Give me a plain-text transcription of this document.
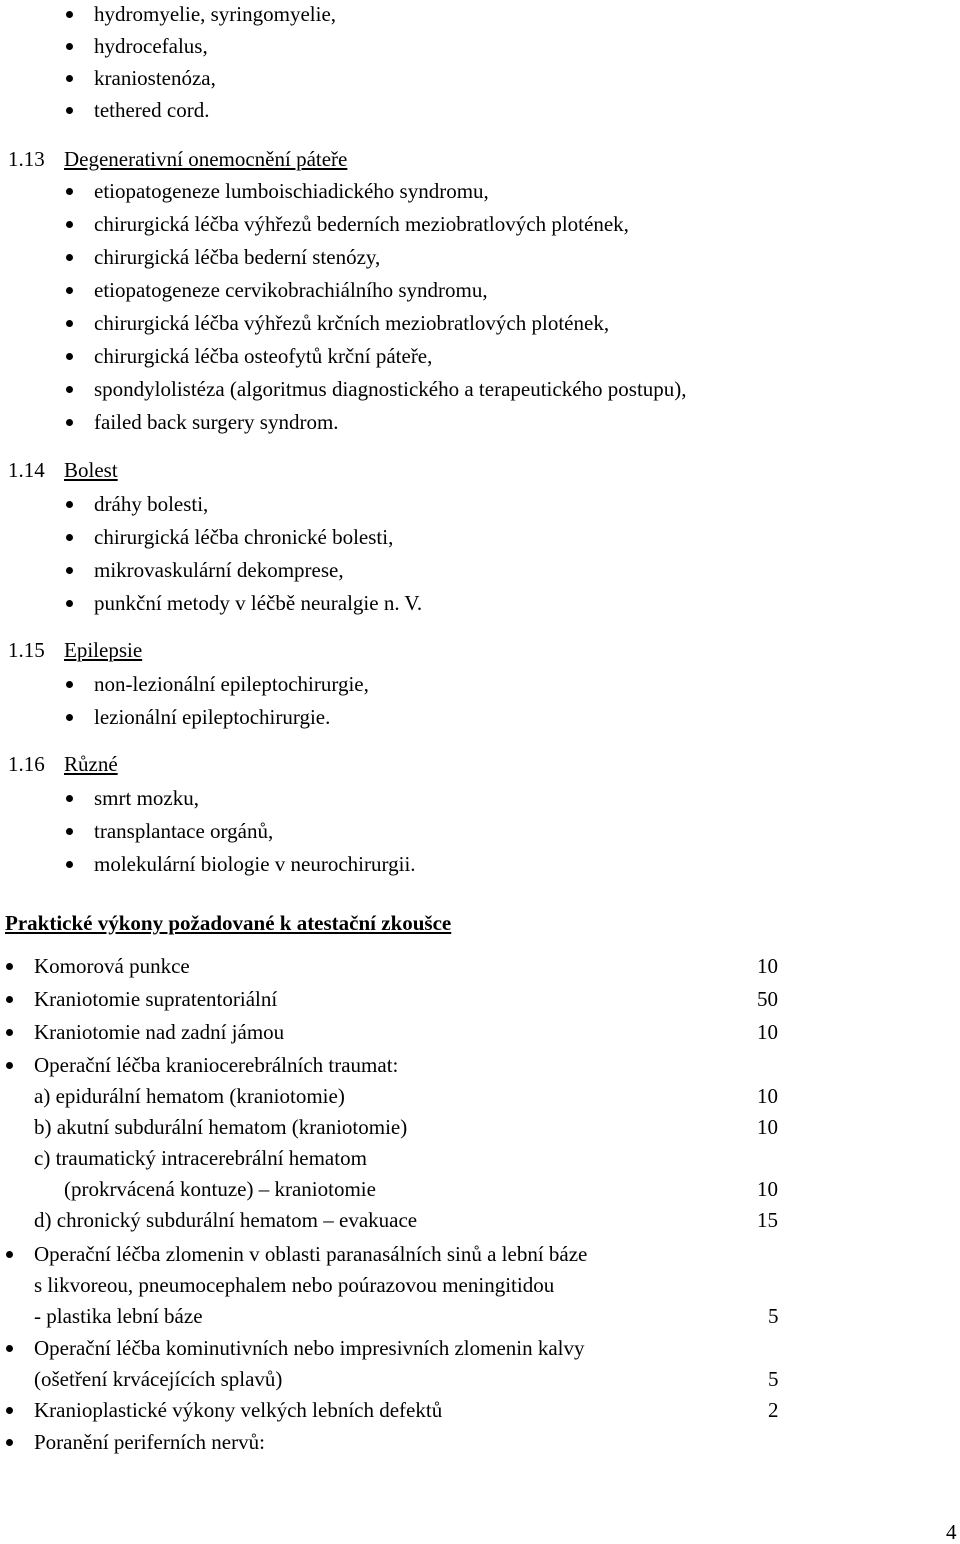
hydromyelie, syringomyelie,
hydrocefalus,
kraniostenóza,
tethered cord.
1.13 Degenerativní onemocnění páteře
etiopatogeneze lumboischiadického syndromu,
chirurgická léčba výhřezů bederních meziobratlových plotének,
chirurgická léčba bederní stenózy,
etiopatogeneze cervikobrachiálního syndromu,
chirurgická léčba výhřezů krčních meziobratlových plotének,
chirurgická léčba osteofytů krční páteře,
spondylolistéza (algoritmus diagnostického a terapeutického postupu),
failed back surgery syndrom.
1.14 Bolest
dráhy bolesti,
chirurgická léčba chronické bolesti,
mikrovaskulární dekomprese,
punkční metody v léčbě neuralgie n. V.
1.15 Epilepsie
non-lezionální epileptochirurgie,
lezionální epileptochirurgie.
1.16 Různé
smrt mozku,
transplantace orgánů,
molekulární biologie v neurochirurgii.
Praktické výkony požadované k atestační zkoušce
Komorová punkce	10
Kraniotomie supratentoriální	50
Kraniotomie nad zadní jámou	10
Operační léčba kraniocerebrálních traumat:
a) epidurální hematom (kraniotomie)	10
b) akutní subdurální hematom (kraniotomie)	10
c) traumatický intracerebrální hematom
(prokrvácená kontuze) – kraniotomie	10
d) chronický subdurální hematom – evakuace	15
Operační léčba zlomenin v oblasti paranasálních sinů a lební báze
s likvoreou, pneumocephalem nebo poúrazovou meningitidou
- plastika lební báze	5
Operační léčba kominutivních nebo impresivních zlomenin kalvy
(ošetření krvácejících splavů)	5
Kranioplastické výkony velkých lebních defektů	2
Poranění periferních nervů:
4
